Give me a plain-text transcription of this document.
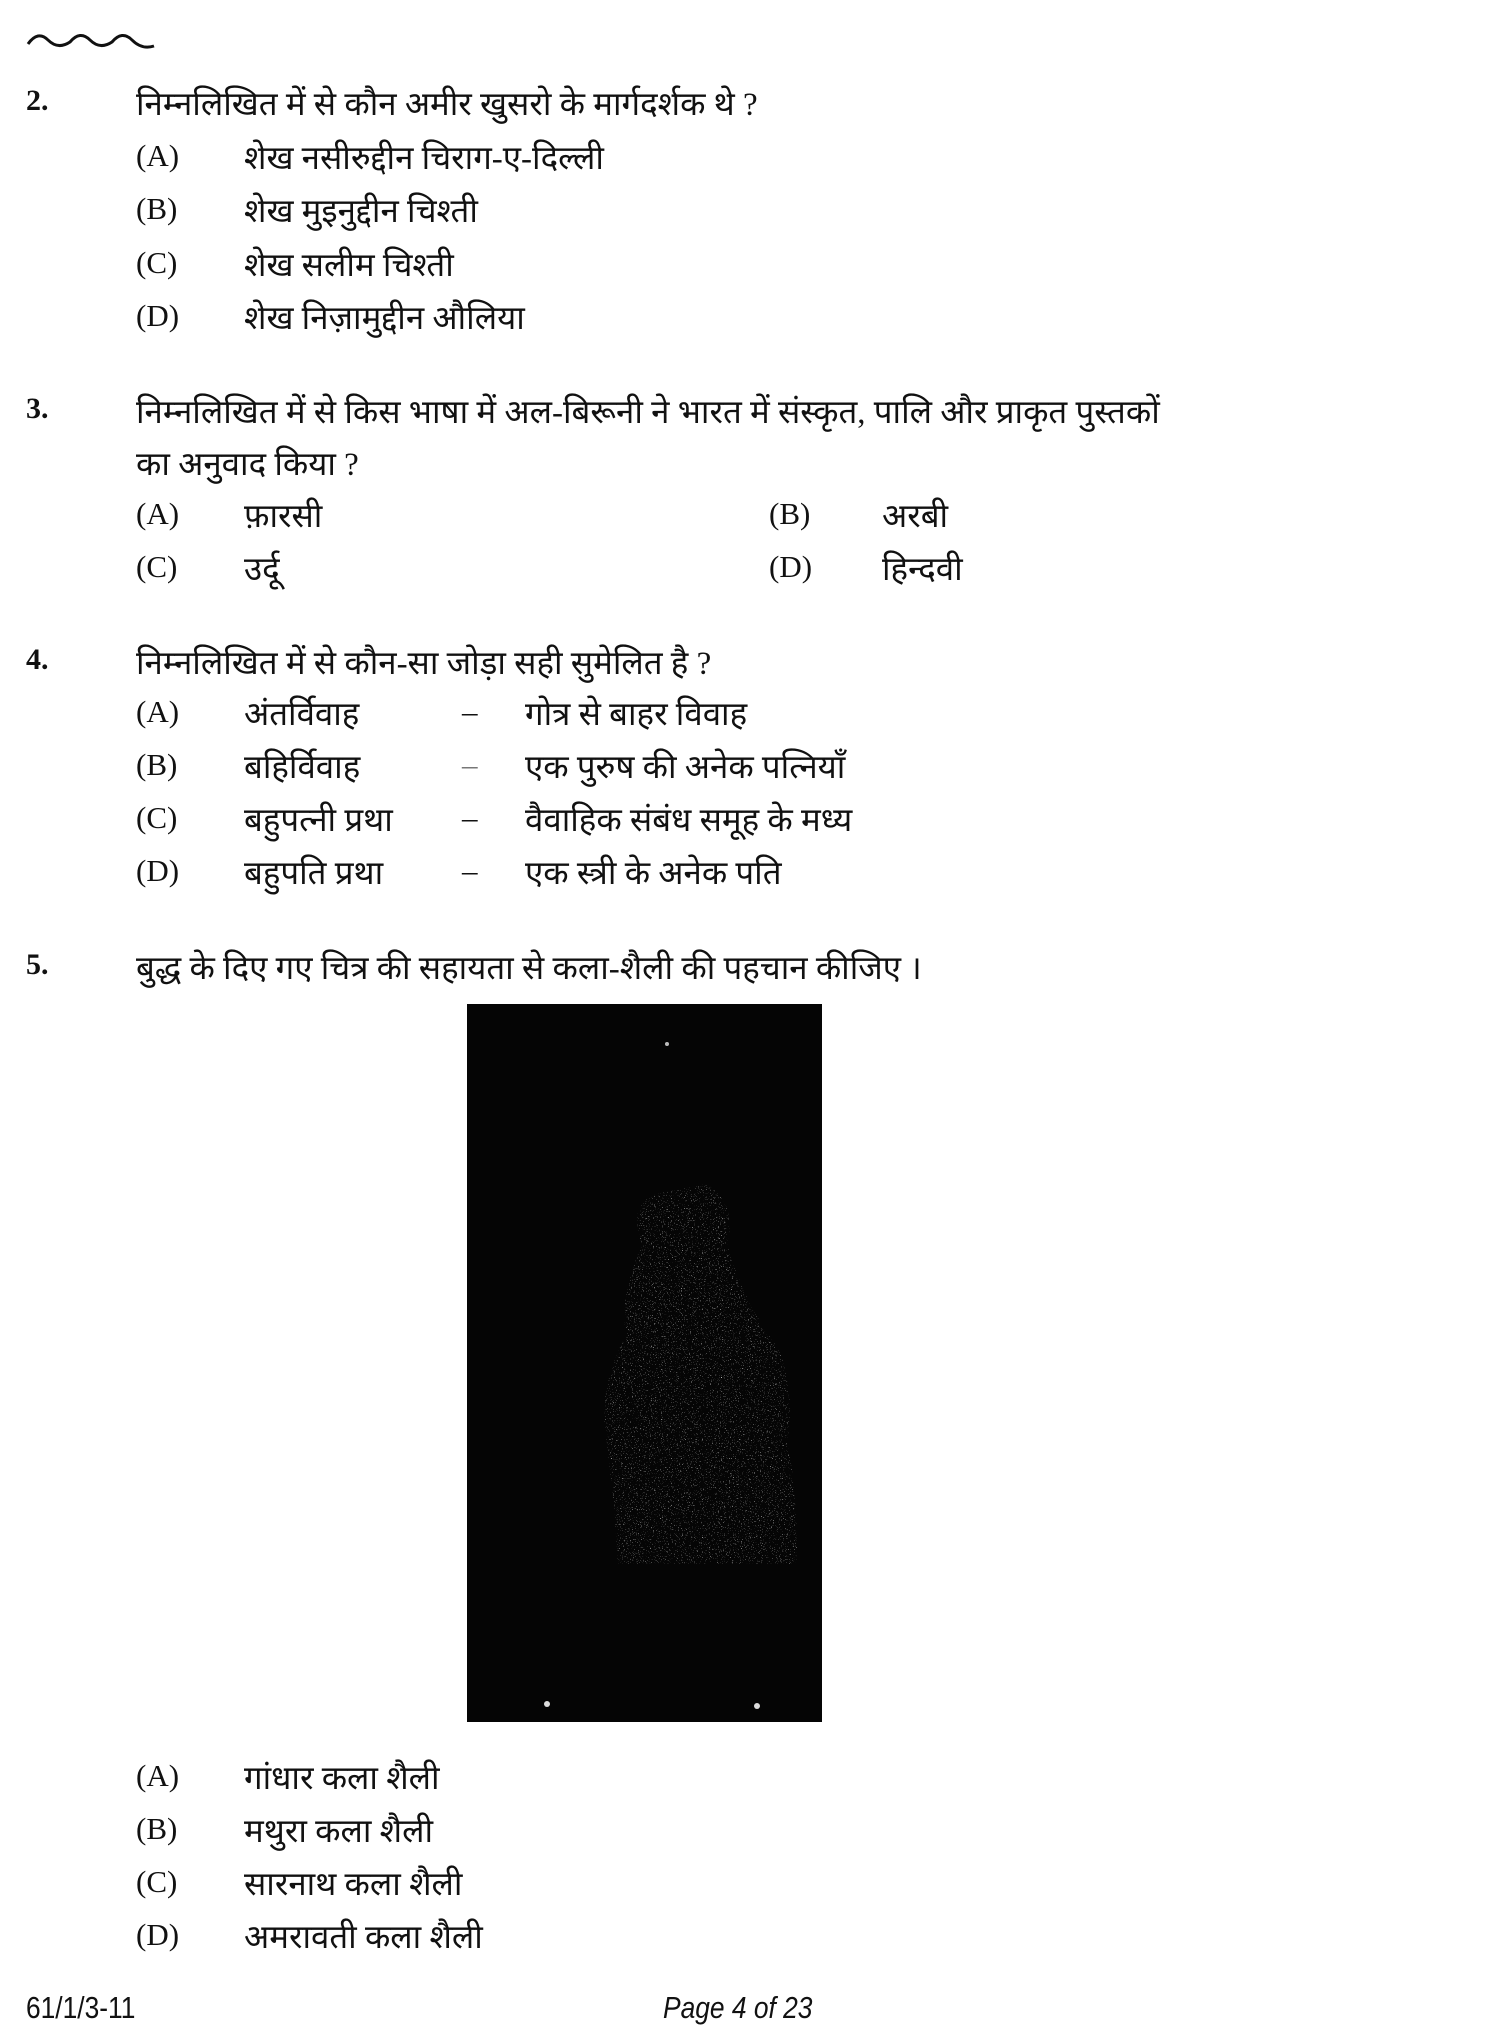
2.	निम्नलिखित में से कौन अमीर खुसरो के मार्गदर्शक थे ?
(A) शेख नसीरुद्दीन चिराग-ए-दिल्ली
(B) शेख मुइनुद्दीन चिश्ती
(C) शेख सलीम चिश्ती
(D) शेख निज़ामुद्दीन औलिया
3.	निम्नलिखित में से किस भाषा में अल-बिरूनी ने भारत में संस्कृत, पालि और प्राकृत पुस्तकों
का अनुवाद किया ?
(A) फ़ारसी	(B) अरबी
(C) उर्दू	(D) हिन्दवी
4.	निम्नलिखित में से कौन-सा जोड़ा सही सुमेलित है ?
(A) अंतर्विवाह	– गोत्र से बाहर विवाह
(B) बहिर्विवाह	– एक पुरुष की अनेक पत्नियाँ
(C) बहुपत्नी प्रथा – वैवाहिक संबंध समूह के मध्य
(D) बहुपति प्रथा	– एक स्त्री के अनेक पति
5.	बुद्ध के दिए गए चित्र की सहायता से कला-शैली की पहचान कीजिए ।
(A) गांधार कला शैली
(B) मथुरा कला शैली
(C) सारनाथ कला शैली
(D) अमरावती कला शैली
61/1/3-11	Page 4 of 23
